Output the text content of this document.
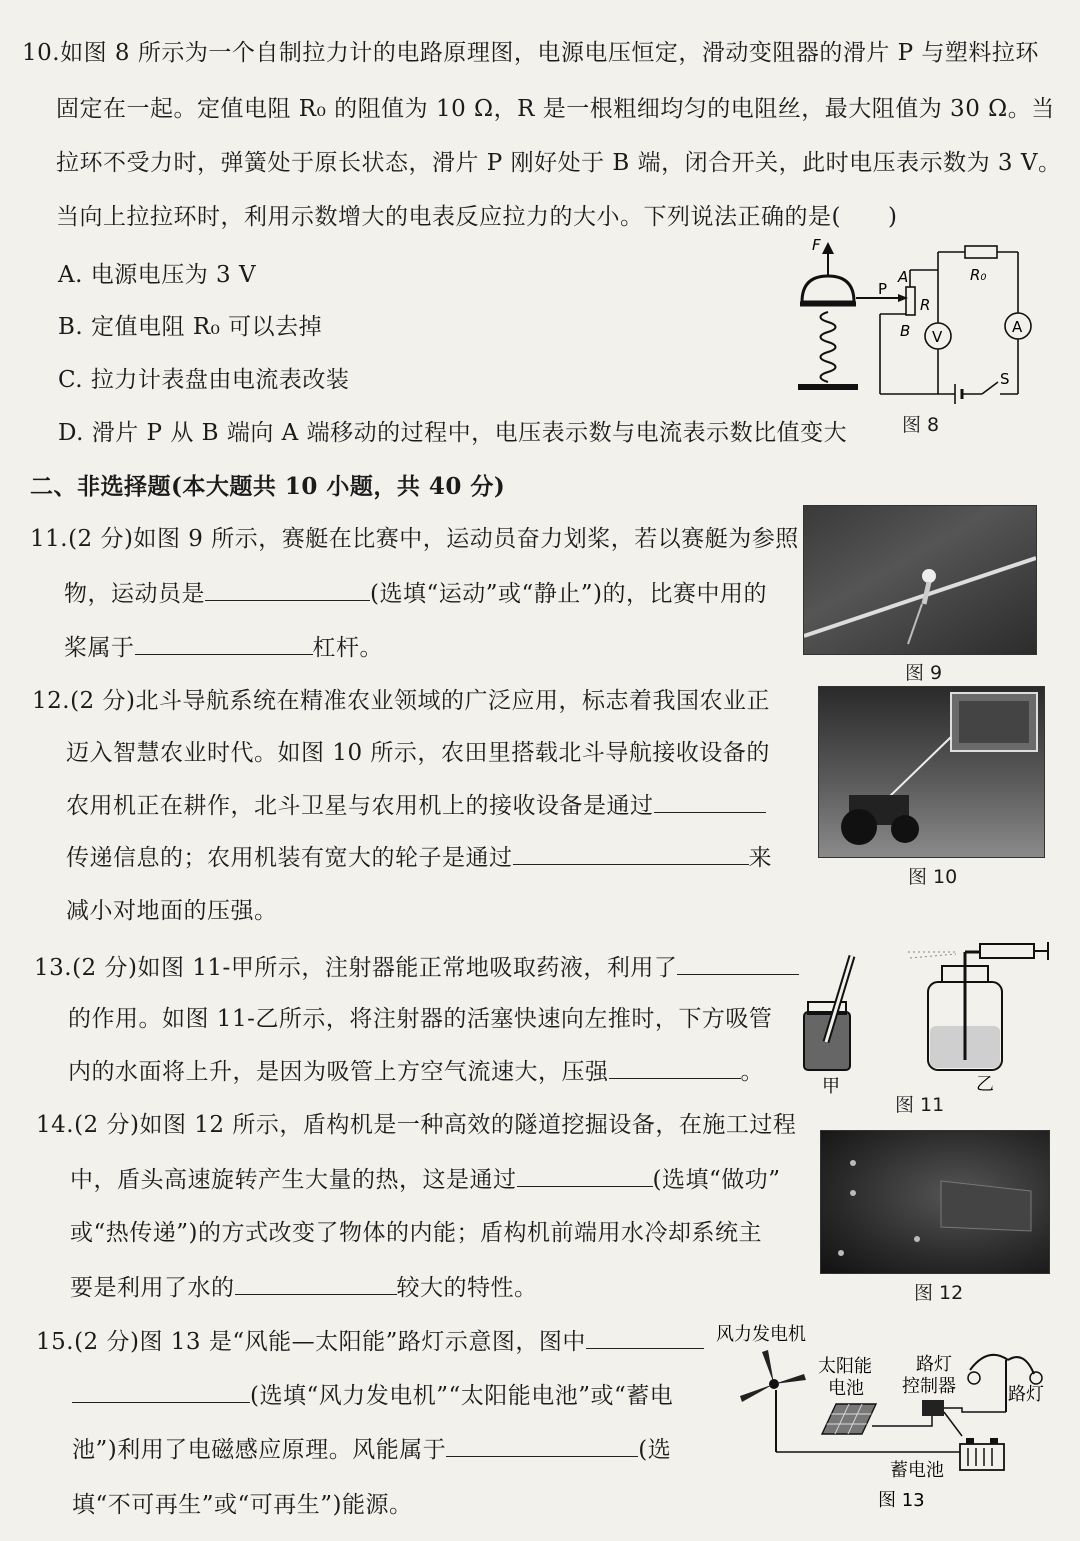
10.如图 8 所示为一个自制拉力计的电路原理图，电源电压恒定，滑动变阻器的滑片 P 与塑料拉环
固定在一起。定值电阻 R₀ 的阻值为 10 Ω，R 是一根粗细均匀的电阻丝，最大阻值为 30 Ω。当
拉环不受力时，弹簧处于原长状态，滑片 P 刚好处于 B 端，闭合开关，此时电压表示数为 3 V。
当向上拉拉环时，利用示数增大的电表反应拉力的大小。下列说法正确的是(　　)
A. 电源电压为 3 V
B. 定值电阻 R₀ 可以去掉
C. 拉力计表盘由电流表改装
D. 滑片 P 从 B 端向 A 端移动的过程中，电压表示数与电流表示数比值变大
F
P
A
B
R
R₀
A
V
S
图 8
二、非选择题(本大题共 10 小题，共 40 分)
11.(2 分)如图 9 所示，赛艇在比赛中，运动员奋力划桨，若以赛艇为参照
物，运动员是	(选填“运动”或“静止”)的，比赛中用的
桨属于	杠杆。
图 9
12.(2 分)北斗导航系统在精准农业领域的广泛应用，标志着我国农业正
迈入智慧农业时代。如图 10 所示，农田里搭载北斗导航接收设备的
农用机正在耕作，北斗卫星与农用机上的接收设备是通过
传递信息的；农用机装有宽大的轮子是通过	来
减小对地面的压强。
图 10
13.(2 分)如图 11-甲所示，注射器能正常地吸取药液，利用了
的作用。如图 11-乙所示，将注射器的活塞快速向左推时，下方吸管
内的水面将上升，是因为吸管上方空气流速大，压强	。
甲	乙
图 11
14.(2 分)如图 12 所示，盾构机是一种高效的隧道挖掘设备，在施工过程
中，盾头高速旋转产生大量的热，这是通过	(选填“做功”
或“热传递”)的方式改变了物体的内能；盾构机前端用水冷却系统主
要是利用了水的	较大的特性。	图 12
15.(2 分)图 13 是“风能—太阳能”路灯示意图，图中
(选填“风力发电机”“太阳能电池”或“蓄电
池”)利用了电磁感应原理。风能属于	(选
填“不可再生”或“可再生”)能源。
风力发电机
太阳能
电池
路灯
控制器	路灯
蓄电池
图 13
